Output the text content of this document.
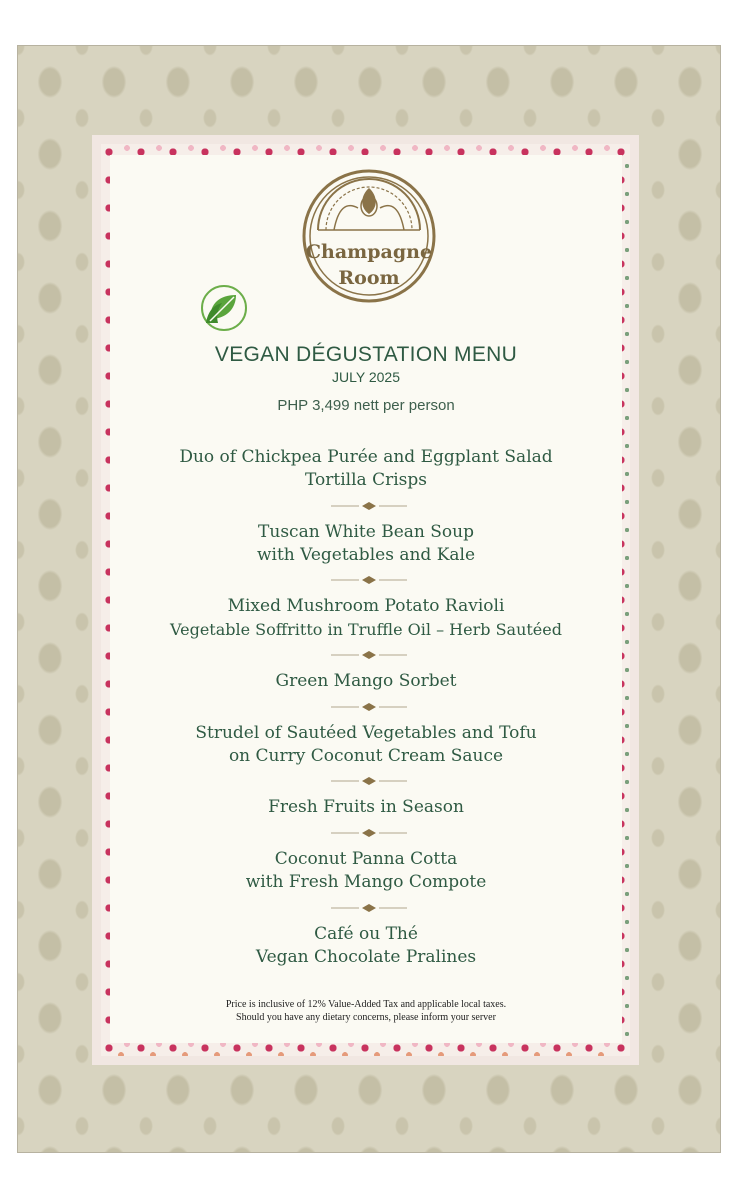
Champagne
Room
VEGAN DÉGUSTATION MENU
JULY 2025
PHP 3,499 nett per person
Duo of Chickpea Purée and Eggplant Salad
Tortilla Crisps
Tuscan White Bean Soup
with Vegetables and Kale
Mixed Mushroom Potato Ravioli
Vegetable Soffritto in Truffle Oil – Herb Sautéed
Green Mango Sorbet
Strudel of Sautéed Vegetables and Tofu
on Curry Coconut Cream Sauce
Fresh Fruits in Season
Coconut Panna Cotta
with Fresh Mango Compote
Café ou Thé
Vegan Chocolate Pralines
Price is inclusive of 12% Value-Added Tax and applicable local taxes.
Should you have any dietary concerns, please inform your server
